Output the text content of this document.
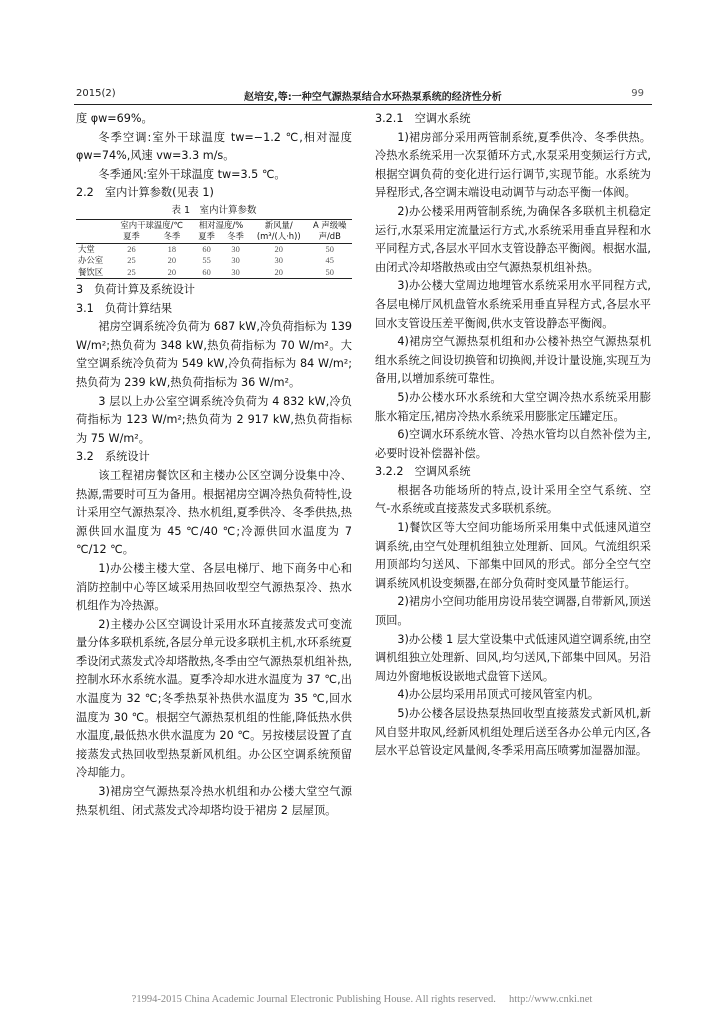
2015(2)	赵培安,等:一种空气源热泵结合水环热泵系统的经济性分析	99

度 φw=69%。

冬季空调:室外干球温度 tw=−1.2 ℃,相对湿度 φw=74%,风速 vw=3.3 m/s。

冬季通风:室外干球温度 tw=3.5 ℃。

2.2　室内计算参数(见表 1)

表 1　室内计算参数
	室内干球温度/℃		相对湿度/%		新风量/	A 声级噪
	夏季	冬季	夏季	冬季	(m³/(人·h))	声/dB
大堂	26	18	60	30	20	50
办公室	25	20	55	30	30	45
餐饮区	25	20	60	30	20	50

3　负荷计算及系统设计

3.1　负荷计算结果

裙房空调系统冷负荷为 687 kW,冷负荷指标为 139 W/m²;热负荷为 348 kW,热负荷指标为 70 W/m²。大堂空调系统冷负荷为 549 kW,冷负荷指标为 84 W/m²;热负荷为 239 kW,热负荷指标为 36 W/m²。

3 层以上办公室空调系统冷负荷为 4 832 kW,冷负荷指标为 123 W/m²;热负荷为 2 917 kW,热负荷指标为 75 W/m²。

3.2　系统设计

该工程裙房餐饮区和主楼办公区空调分设集中冷、热源,需要时可互为备用。根据裙房空调冷热负荷特性,设计采用空气源热泵冷、热水机组,夏季供冷、冬季供热,热源供回水温度为 45 ℃/40 ℃;冷源供回水温度为 7 ℃/12 ℃。

1)办公楼主楼大堂、各层电梯厅、地下商务中心和消防控制中心等区域采用热回收型空气源热泵冷、热水机组作为冷热源。

2)主楼办公区空调设计采用水环直接蒸发式可变流量分体多联机系统,各层分单元设多联机主机,水环系统夏季设闭式蒸发式冷却塔散热,冬季由空气源热泵机组补热,控制水环水系统水温。夏季冷却水进水温度为 37 ℃,出水温度为 32 ℃;冬季热泵补热供水温度为 35 ℃,回水温度为 30 ℃。根据空气源热泵机组的性能,降低热水供水温度,最低热水供水温度为 20 ℃。另按楼层设置了直接蒸发式热回收型热泵新风机组。办公区空调系统预留冷却能力。

3)裙房空气源热泵冷热水机组和办公楼大堂空气源热泵机组、闭式蒸发式冷却塔均设于裙房 2 层屋顶。

3.2.1　空调水系统

1)裙房部分采用两管制系统,夏季供冷、冬季供热。冷热水系统采用一次泵循环方式,水泵采用变频运行方式,根据空调负荷的变化进行运行调节,实现节能。水系统为异程形式,各空调末端设电动调节与动态平衡一体阀。

2)办公楼采用两管制系统,为确保各多联机主机稳定运行,水泵采用定流量运行方式,水系统采用垂直异程和水平同程方式,各层水平回水支管设静态平衡阀。根据水温,由闭式冷却塔散热或由空气源热泵机组补热。

3)办公楼大堂周边地埋管水系统采用水平同程方式,各层电梯厅风机盘管水系统采用垂直异程方式,各层水平回水支管设压差平衡阀,供水支管设静态平衡阀。

4)裙房空气源热泵机组和办公楼补热空气源热泵机组水系统之间设切换管和切换阀,并设计量设施,实现互为备用,以增加系统可靠性。

5)办公楼水环水系统和大堂空调冷热水系统采用膨胀水箱定压,裙房冷热水系统采用膨胀定压罐定压。

6)空调水环系统水管、冷热水管均以自然补偿为主,必要时设补偿器补偿。

3.2.2　空调风系统

根据各功能场所的特点,设计采用全空气系统、空气-水系统或直接蒸发式多联机系统。

1)餐饮区等大空间功能场所采用集中式低速风道空调系统,由空气处理机组独立处理新、回风。气流组织采用顶部均匀送风、下部集中回风的形式。部分全空气空调系统风机设变频器,在部分负荷时变风量节能运行。

2)裙房小空间功能用房设吊装空调器,自带新风,顶送顶回。

3)办公楼 1 层大堂设集中式低速风道空调系统,由空调机组独立处理新、回风,均匀送风,下部集中回风。另沿周边外窗地板设嵌地式盘管下送风。

4)办公层均采用吊顶式可接风管室内机。

5)办公楼各层设热泵热回收型直接蒸发式新风机,新风自竖井取风,经新风机组处理后送至各办公单元内区,各层水平总管设定风量阀,冬季采用高压喷雾加湿器加湿。

?1994-2015 China Academic Journal Electronic Publishing House. All rights reserved.　 http://www.cnki.net
